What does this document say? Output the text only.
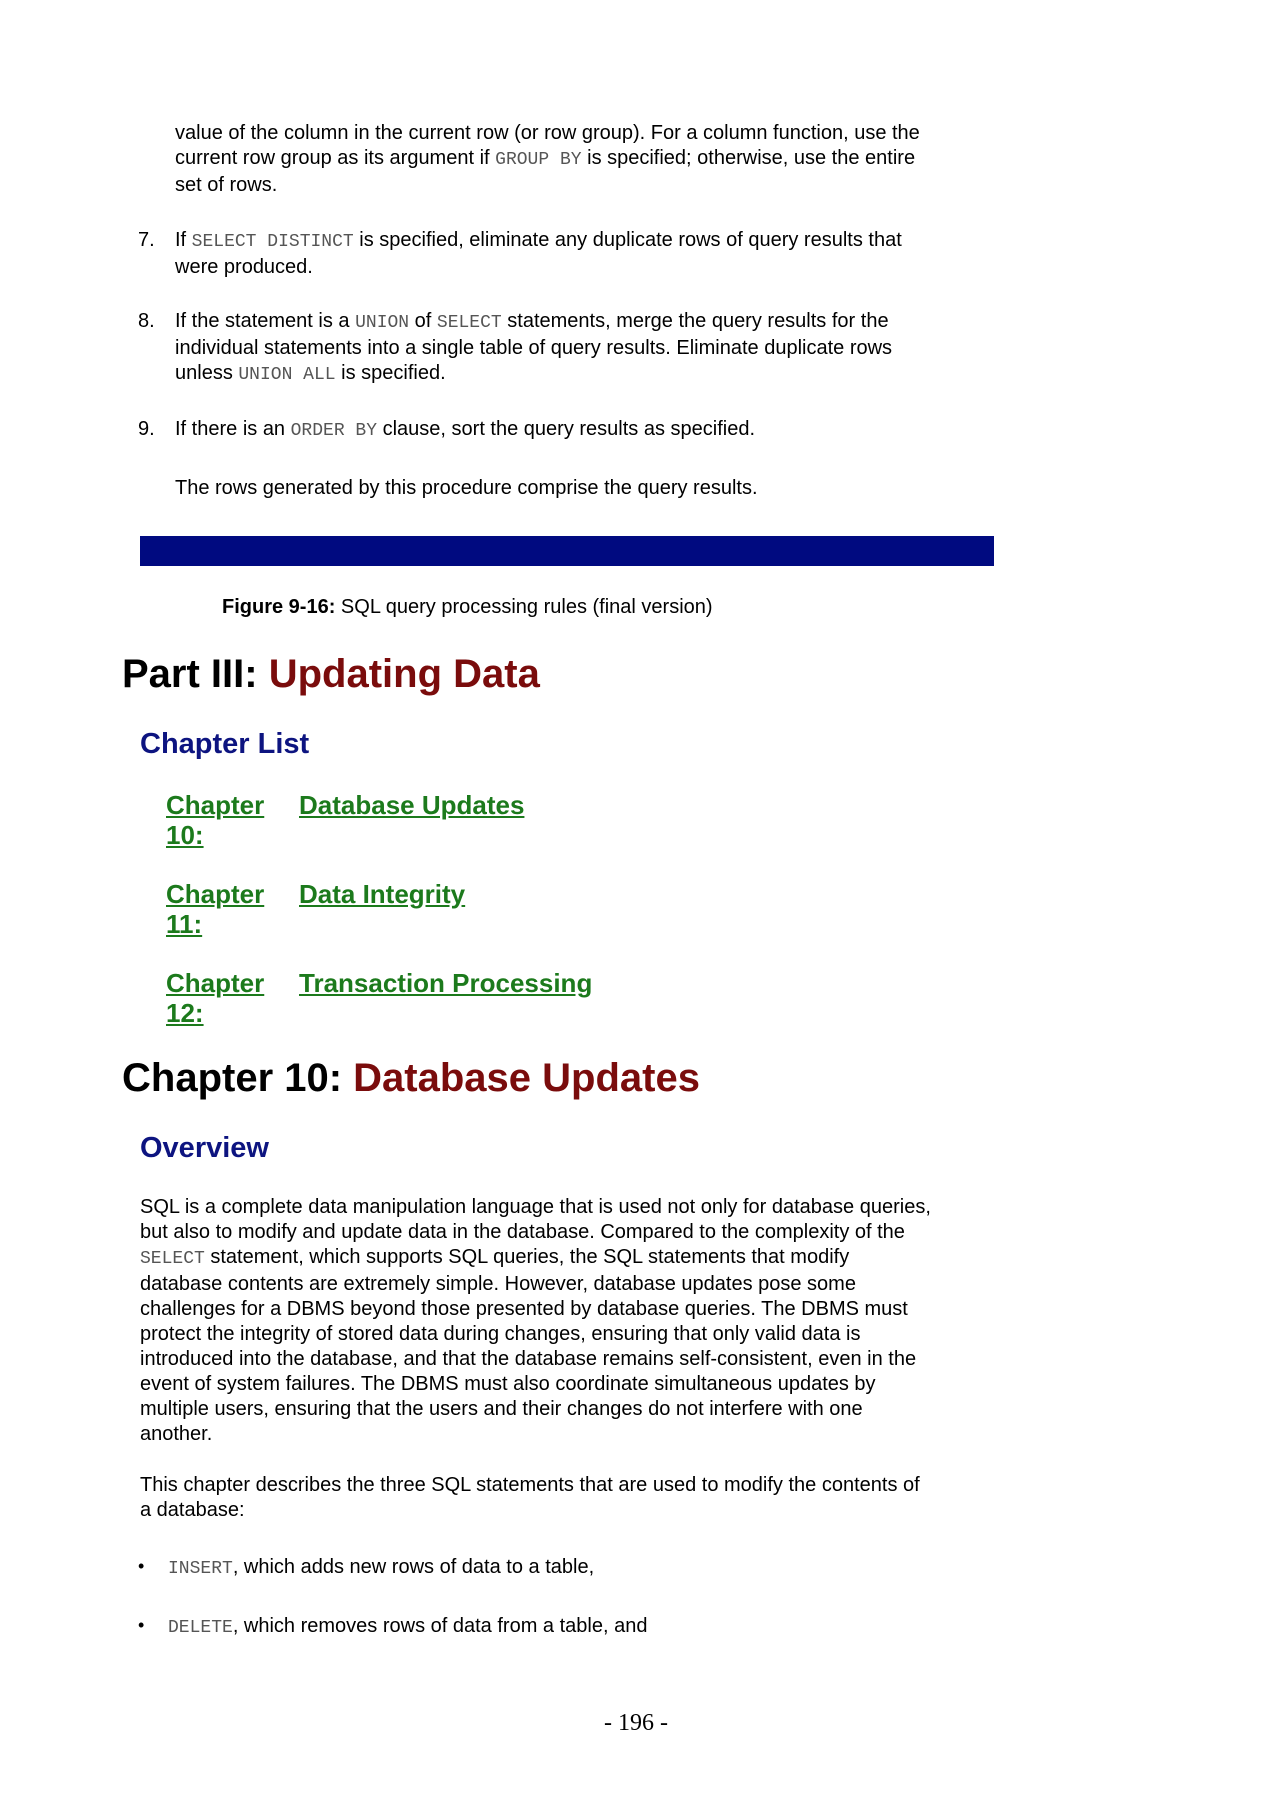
value of the column in the current row (or row group). For a column function, use the
current row group as its argument if GROUP BY is specified; otherwise, use the entire
set of rows.

7. If SELECT DISTINCT is specified, eliminate any duplicate rows of query results that
were produced.

8. If the statement is a UNION of SELECT statements, merge the query results for the
individual statements into a single table of query results. Eliminate duplicate rows
unless UNION ALL is specified.

9. If there is an ORDER BY clause, sort the query results as specified.

The rows generated by this procedure comprise the query results.

Figure 9-16: SQL query processing rules (final version)
Part III: Updating Data
Chapter List
Chapter
10:
Database Updates
Chapter
11:
Data Integrity
Chapter
12:
Transaction Processing
Chapter 10: Database Updates
Overview

SQL is a complete data manipulation language that is used not only for database queries,
but also to modify and update data in the database. Compared to the complexity of the
SELECT statement, which supports SQL queries, the SQL statements that modify
database contents are extremely simple. However, database updates pose some
challenges for a DBMS beyond those presented by database queries. The DBMS must
protect the integrity of stored data during changes, ensuring that only valid data is
introduced into the database, and that the database remains self-consistent, even in the
event of system failures. The DBMS must also coordinate simultaneous updates by
multiple users, ensuring that the users and their changes do not interfere with one
another.

This chapter describes the three SQL statements that are used to modify the contents of
a database:

• INSERT, which adds new rows of data to a table,

• DELETE, which removes rows of data from a table, and

- 196 -
